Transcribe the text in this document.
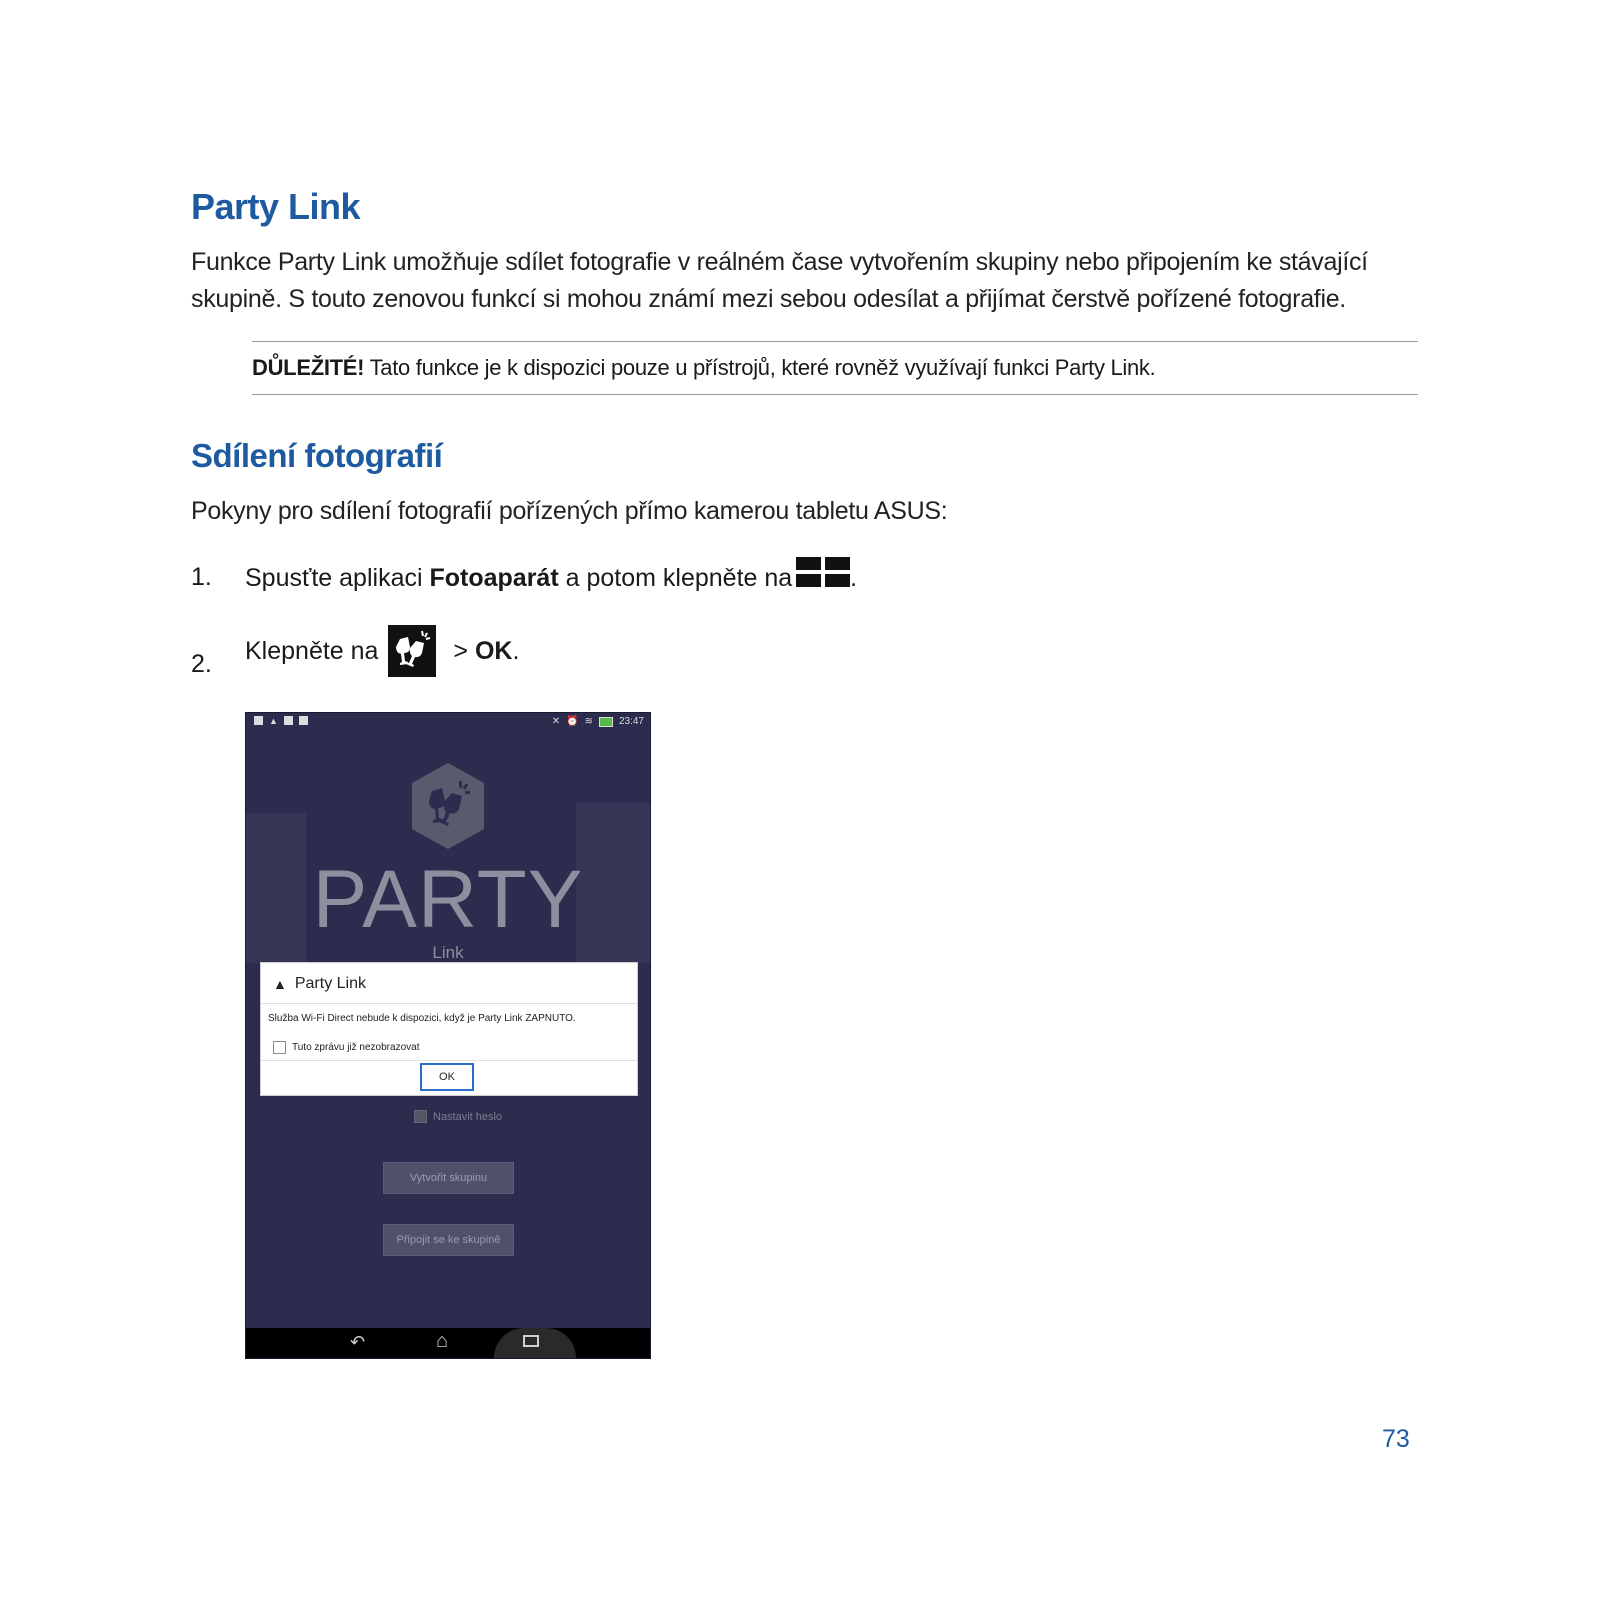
Party Link
Funkce Party Link umožňuje sdílet fotografie v reálném čase vytvořením skupiny nebo připojením ke stávající
skupině. S touto zenovou funkcí si mohou známí mezi sebou odesílat a přijímat čerstvě pořízené fotografie.
DŮLEŽITÉ! Tato funkce je k dispozici pouze u přístrojů, které rovněž využívají funkci Party Link.
Sdílení fotografií
Pokyny pro sdílení fotografií pořízených přímo kamerou tabletu ASUS:
1. Spusťte aplikaci Fotoaparát a potom klepněte na .
2. Klepněte na	> OK .
▲	✕ ⏰ ≋	23:47
PARTY
Link
▲ Party Link
Služba Wi-Fi Direct nebude k dispozici, když je Party Link ZAPNUTO.
Tuto zprávu již nezobrazovat
OK
Nastavit heslo
Vytvořit skupinu
Připojit se ke skupině
↶	⌂
73
